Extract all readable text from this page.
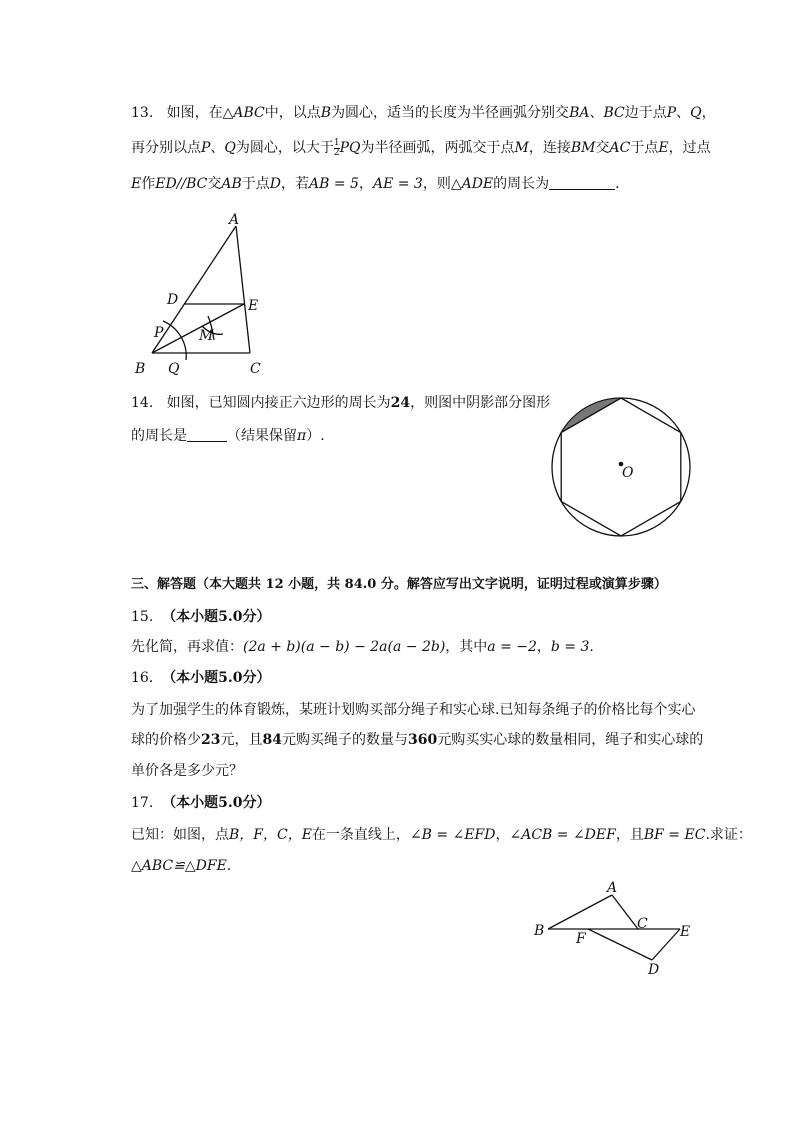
13. 如图，在△ABC中，以点B为圆心，适当的长度为半径画弧分别交BA、BC边于点P、Q，
再分别以点P、Q为圆心，以大于 $\frac{1}{2}$ PQ为半径画弧，两弧交于点M，连接BM交AC于点E，过点
E作ED//BC交AB于点D，若AB = 5，AE = 3，则△ADE的周长为	．
A
D	E
P	M
B Q	C
14. 如图，已知圆内接正六边形的周长为24，则图中阴影部分图形
的周长是	（结果保留π）.
O
三、解答题（本大题共 12 小题，共 84.0 分。解答应写出文字说明，证明过程或演算步骤）
15. （本小题5.0分）
先化简，再求值：(2a + b)(a − b) − 2a(a − 2b)，其中a = −2，b = 3.
16. （本小题5.0分）
为了加强学生的体育锻炼，某班计划购买部分绳子和实心球.已知每条绳子的价格比每个实心
球的价格少23元，且84元购买绳子的数量与360元购买实心球的数量相同，绳子和实心球的
单价各是多少元？
17. （本小题5.0分）
已知：如图，点B，F，C，E在一条直线上，∠B = ∠EFD，∠ACB = ∠DEF，且BF = EC.求证：
△ABC≌△DFE.
A
B	C
F	E
D
